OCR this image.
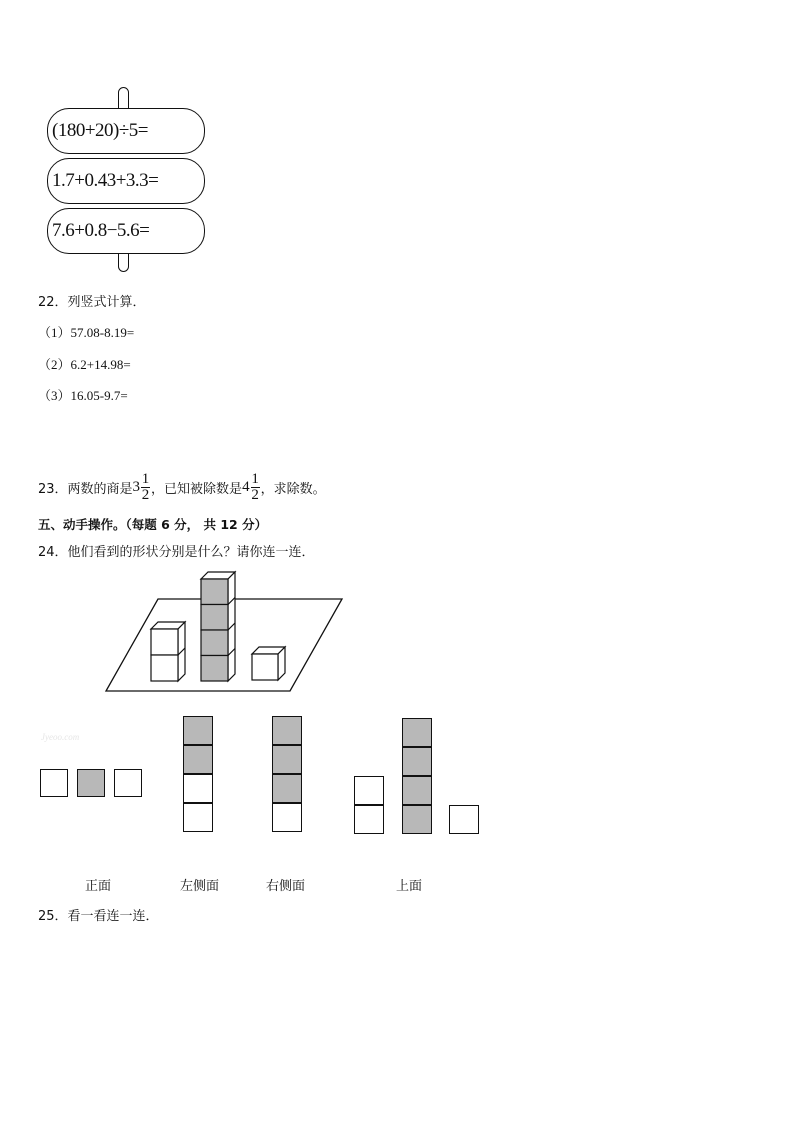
(180+20)÷5=
1.7+0.43+3.3=
7.6+0.8−5.6=
22．列竖式计算．
（1）57.08-8.19=
（2）6.2+14.98=
（3）16.05-9.7=
23．两数的商是 $3 \frac{1}{2}$ ，已知被除数是 $4 \frac{1}{2}$ ，求除数。
五、动手操作。（每题 6 分， 共 12 分）
24．他们看到的形状分别是什么？请你连一连．
Jyeoo.com
正面	左侧面	右侧面	上面
25．看一看连一连．
